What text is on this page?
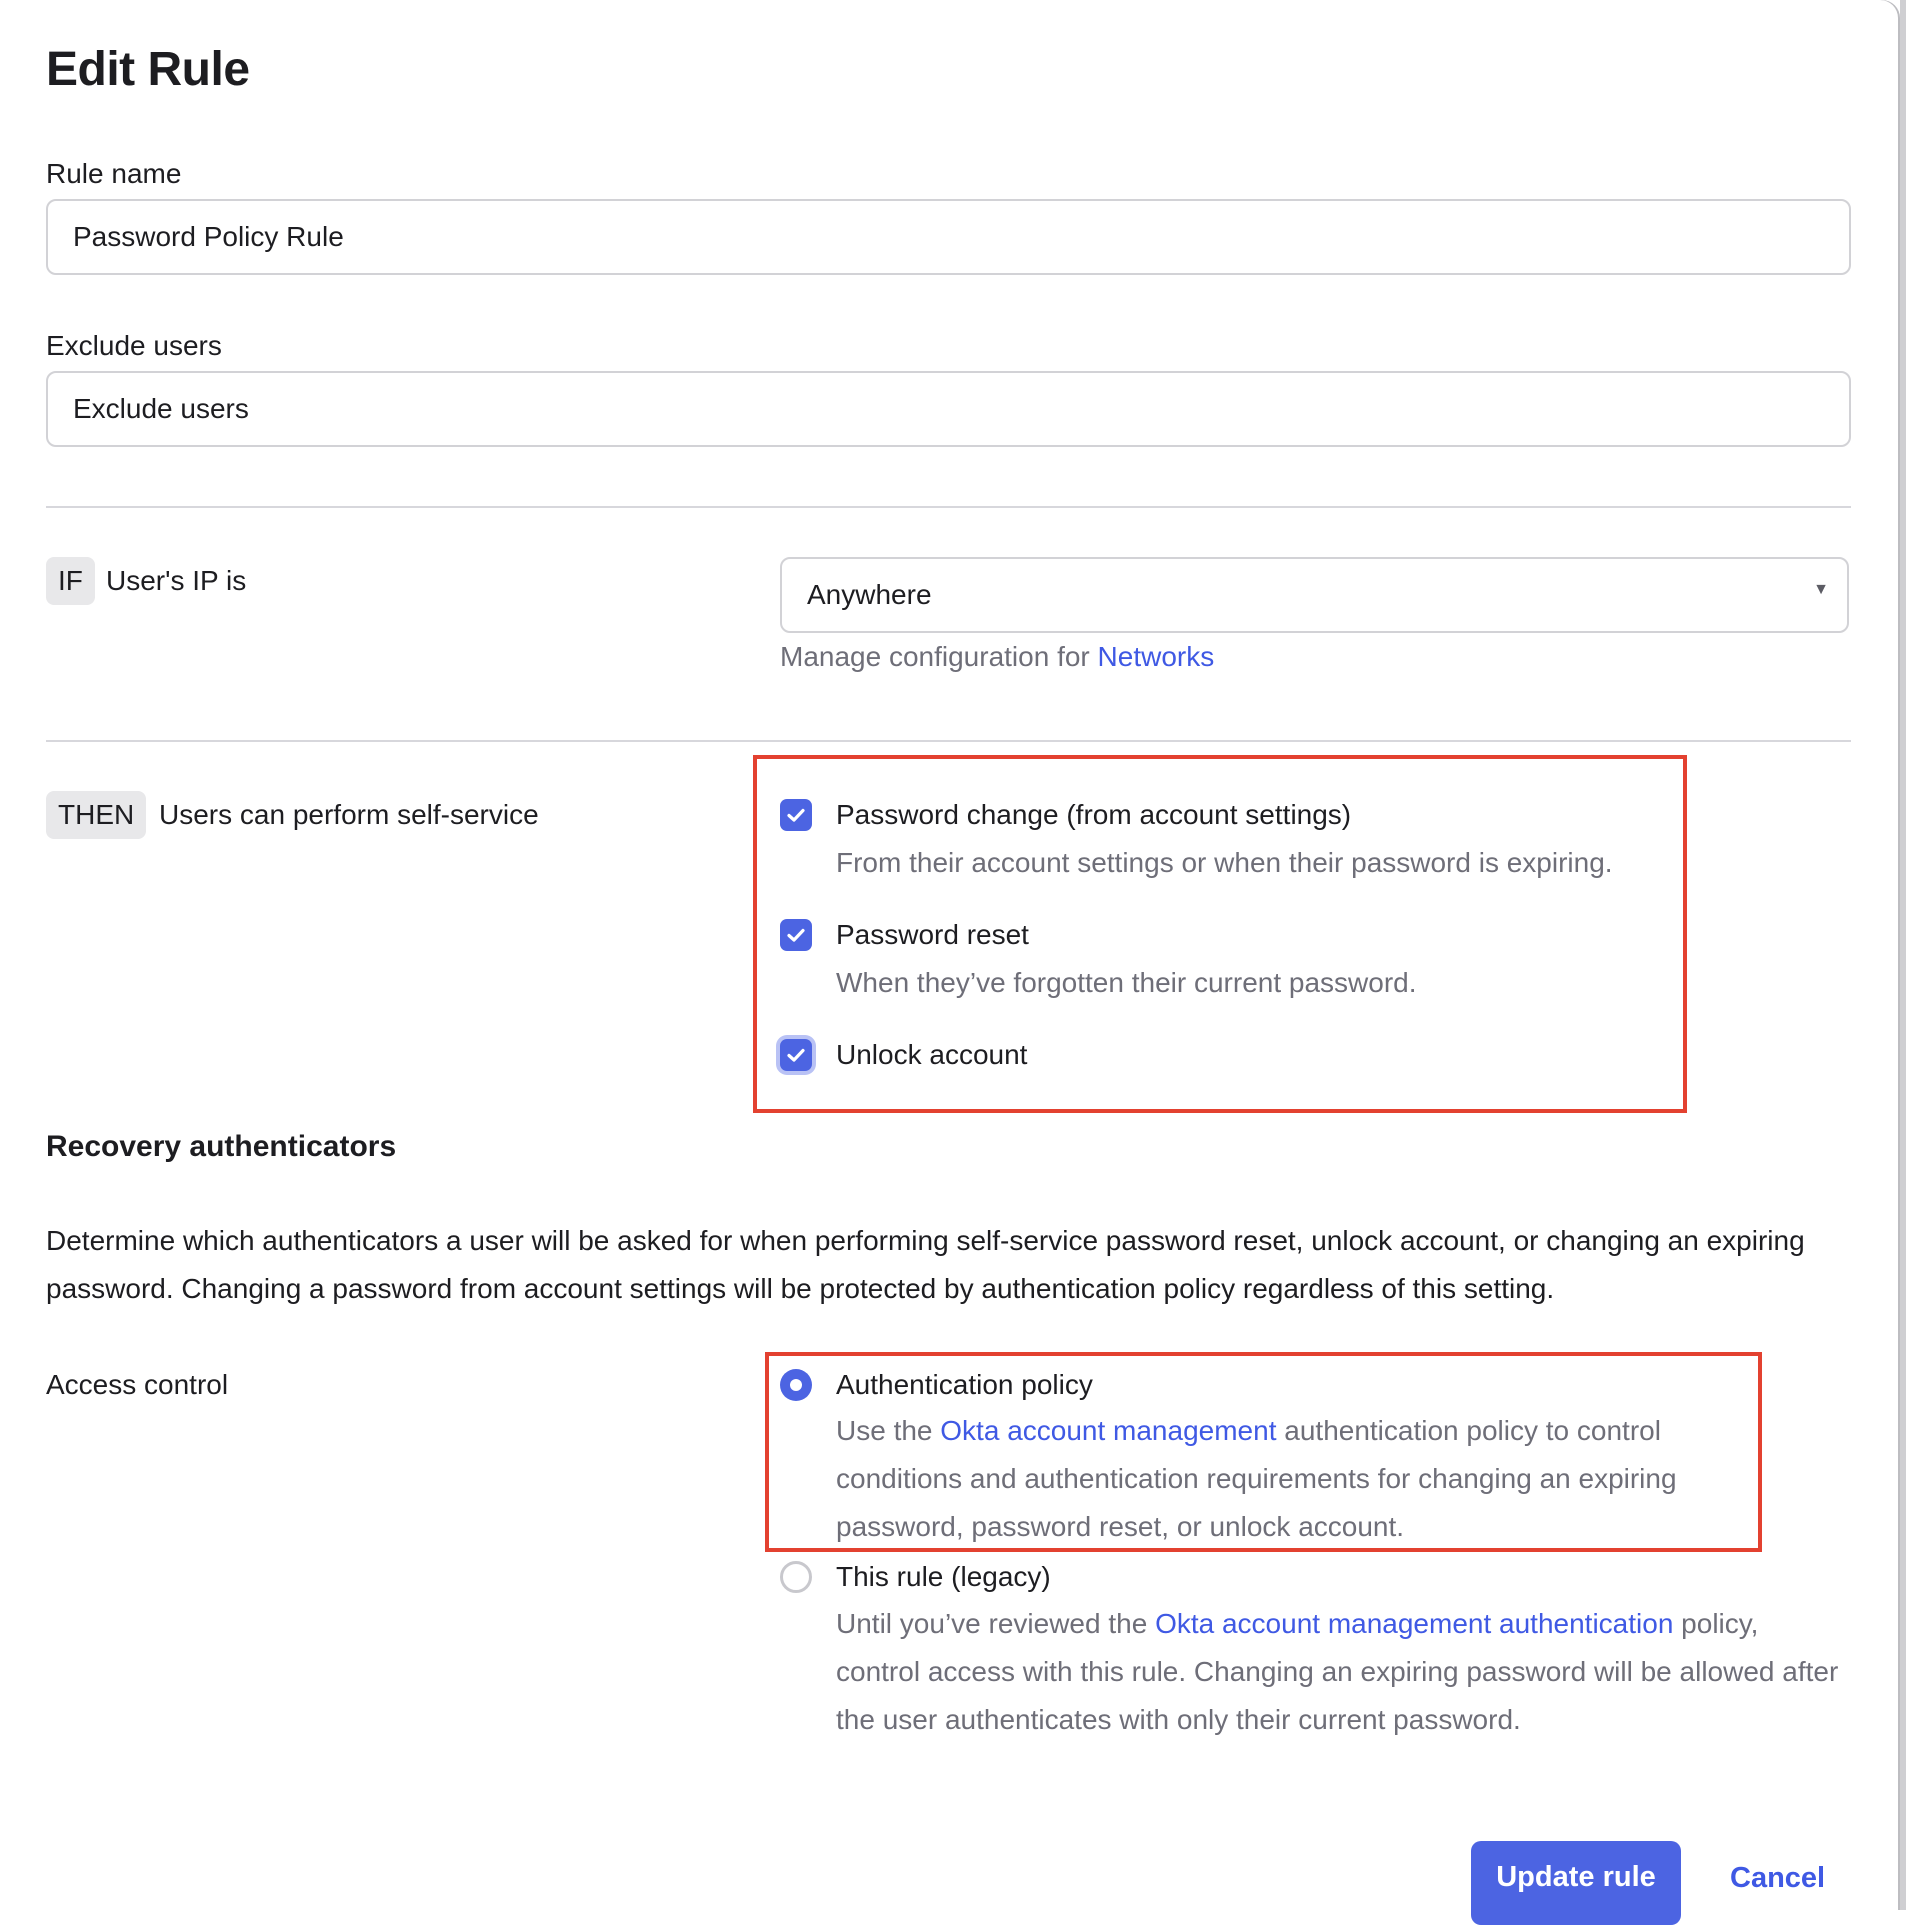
Edit Rule
Rule name
Password Policy Rule
Exclude users
Exclude users
IF User's IP is	Anywhere	▼
Manage configuration for Networks
THEN Users can perform self-service	Password change (from account settings)
From their account settings or when their password is expiring.
Password reset
When they’ve forgotten their current password.
Unlock account
Recovery authenticators
Determine which authenticators a user will be asked for when performing self-service password reset, unlock account, or changing an expiring password. Changing a password from account settings will be protected by authentication policy regardless of this setting.
Access control	Authentication policy
Use the Okta account management authentication policy to control conditions and authentication requirements for changing an expiring password, password reset, or unlock account.
This rule (legacy)
Until you’ve reviewed the Okta account management authentication policy, control access with this rule. Changing an expiring password will be allowed after the user authenticates with only their current password.
Update rule	Cancel
